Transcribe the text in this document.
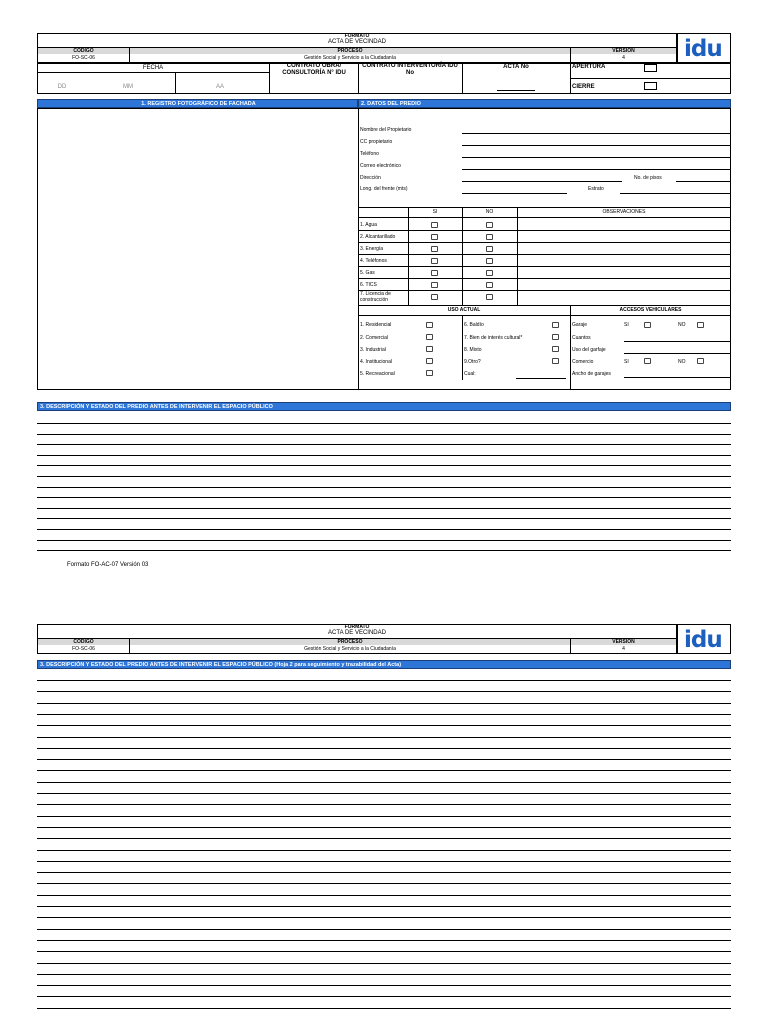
FORMATO
ACTA DE VECINDAD
CÓDIGO
FO-SC-06
PROCESO
Gestión Social y Servicio a la Ciudadanía
VERSIÓN
4	idu
FECHA
DD	MM	AA
CONTRATO OBRA/ CONSULTORÍA N° IDU
CONTRATO INTERVENTORÍA IDU No
ACTA No	APERTURA
CIERRE
1. REGISTRO FOTOGRÁFICO DE FACHADA	2. DATOS DEL PREDIO
Nombre del Propietario
CC propietario
Teléfono
Correo electrónico
Dirección	No. de pisos
Long. del frente (mts)	Estrato
SI	NO	OBSERVACIONES
1. Agua
2. Alcantarillado
3. Energía
4. Teléfonos
5. Gas
6. TICS
7. Licencia de construcción
USO ACTUAL	ACCESOS VEHICULARES
1. Residencial
2. Comercial
3. Industrial
4. Institucional
5. Recreacional
6. Baldío
7. Bien de interés cultural*
8. Mixto
9.Otro?
Cual:
Garaje	SI	NO
Cuantos
Uso del garfaje
Comercio	SI	NO
Ancho de garajes
3. DESCRIPCIÓN Y ESTADO DEL PREDIO ANTES DE INTERVENIR EL ESPACIO PÚBLICO
Formato FO-AC-07 Versión 03
FORMATO
ACTA DE VECINDAD
CÓDIGO
FO-SC-06
PROCESO
Gestión Social y Servicio a la Ciudadanía
VERSIÓN
4	idu
3. DESCRIPCIÓN Y ESTADO DEL PREDIO ANTES DE INTERVENIR EL ESPACIO PÚBLICO (Hoja 2 para seguimiento y trazabilidad del Acta)
